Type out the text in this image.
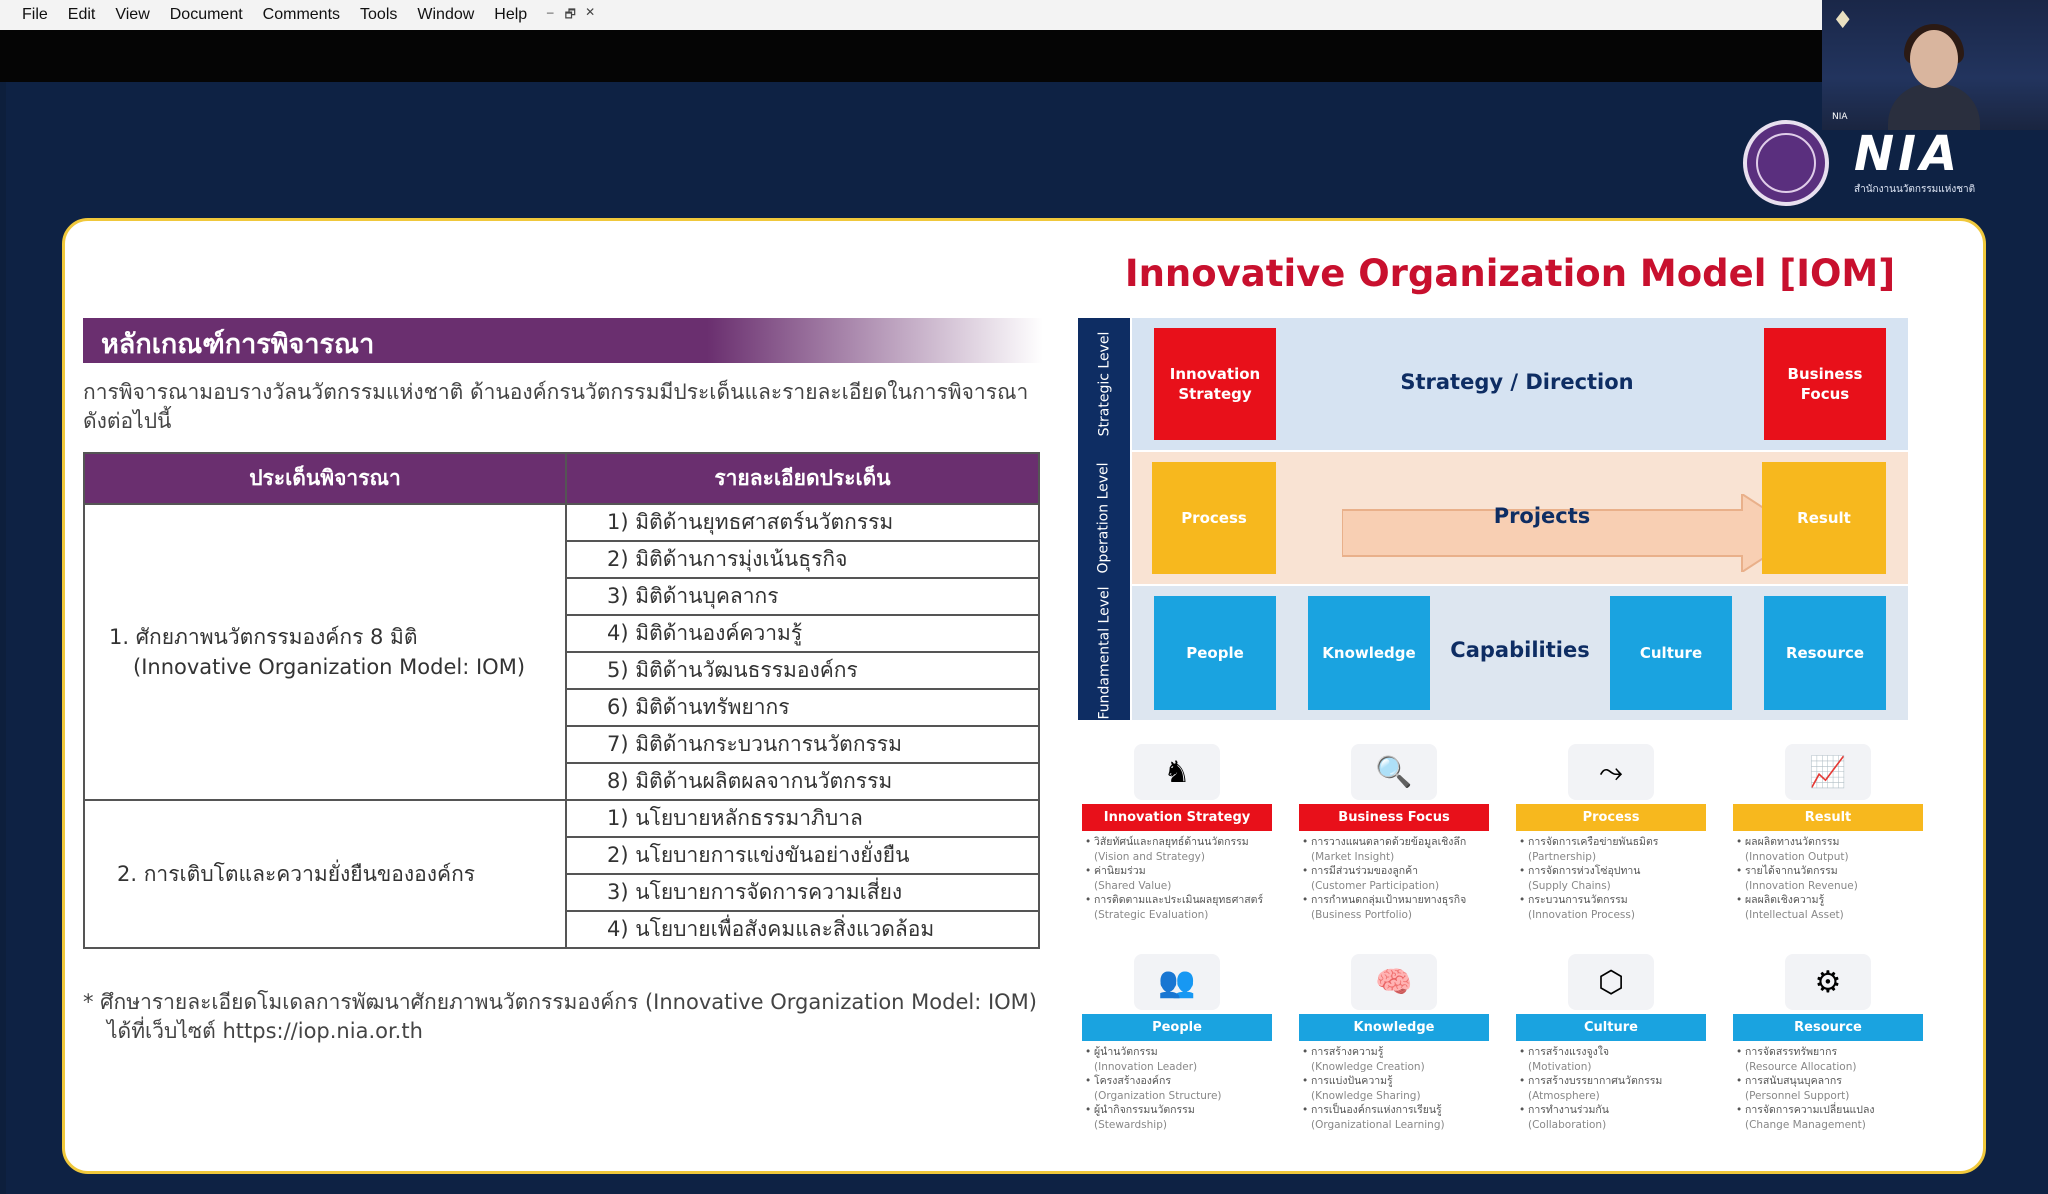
File	Edit	View	Document	Comments	Tools	Window	Help	– 🗗 ✕	♦
NIA
NIA
สำนักงานนวัตกรรมแห่งชาติ
หลักเกณฑ์การพิจารณา
การพิจารณามอบรางวัลนวัตกรรมแห่งชาติ ด้านองค์กรนวัตกรรมมีประเด็นและรายละเอียดในการพิจารณาดังต่อไปนี้
ประเด็นพิจารณา	รายละเอียดประเด็น

1. ศักยภาพนวัตกรรมองค์กร 8 มิติ
(Innovative Organization Model: IOM)	1) มิติด้านยุทธศาสตร์นวัตกรรม
	2) มิติด้านการมุ่งเน้นธุรกิจ
	3) มิติด้านบุคลากร
	4) มิติด้านองค์ความรู้
	5) มิติด้านวัฒนธรรมองค์กร
	6) มิติด้านทรัพยากร
	7) มิติด้านกระบวนการนวัตกรรม
	8) มิติด้านผลิตผลจากนวัตกรรม
2. การเติบโตและความยั่งยืนขององค์กร	1) นโยบายหลักธรรมาภิบาล
	2) นโยบายการแข่งขันอย่างยั่งยืน
	3) นโยบายการจัดการความเสี่ยง
	4) นโยบายเพื่อสังคมและสิ่งแวดล้อม
* ศึกษารายละเอียดโมเดลการพัฒนาศักยภาพนวัตกรรมองค์กร (Innovative Organization Model: IOM)
ได้ที่เว็บไซต์ https://iop.nia.or.th
Innovative Organization Model [IOM]
Strategic Level
Operation Level
Fundamental Level
Innovation Strategy	Strategy / Direction	Business Focus
Process	Projects	Result
People	Knowledge	Capabilities	Culture	Resource
♞
Innovation Strategy
• วิสัยทัศน์และกลยุทธ์ด้านนวัตกรรม
(Vision and Strategy)
• ค่านิยมร่วม
(Shared Value)
• การติดตามและประเมินผลยุทธศาสตร์
(Strategic Evaluation)
🔍
Business Focus
• การวางแผนตลาดด้วยข้อมูลเชิงลึก
(Market Insight)
• การมีส่วนร่วมของลูกค้า
(Customer Participation)
• การกำหนดกลุ่มเป้าหมายทางธุรกิจ
(Business Portfolio)
⤳
Process
• การจัดการเครือข่ายพันธมิตร
(Partnership)
• การจัดการห่วงโซ่อุปทาน
(Supply Chains)
• กระบวนการนวัตกรรม
(Innovation Process)
📈
Result
• ผลผลิตทางนวัตกรรม
(Innovation Output)
• รายได้จากนวัตกรรม
(Innovation Revenue)
• ผลผลิตเชิงความรู้
(Intellectual Asset)
👥
People
• ผู้นำนวัตกรรม
(Innovation Leader)
• โครงสร้างองค์กร
(Organization Structure)
• ผู้นำกิจกรรมนวัตกรรม
(Stewardship)
🧠
Knowledge
• การสร้างความรู้
(Knowledge Creation)
• การแบ่งปันความรู้
(Knowledge Sharing)
• การเป็นองค์กรแห่งการเรียนรู้
(Organizational Learning)
⬡
Culture
• การสร้างแรงจูงใจ
(Motivation)
• การสร้างบรรยากาศนวัตกรรม
(Atmosphere)
• การทำงานร่วมกัน
(Collaboration)
⚙
Resource
• การจัดสรรทรัพยากร
(Resource Allocation)
• การสนับสนุนบุคลากร
(Personnel Support)
• การจัดการความเปลี่ยนแปลง
(Change Management)
